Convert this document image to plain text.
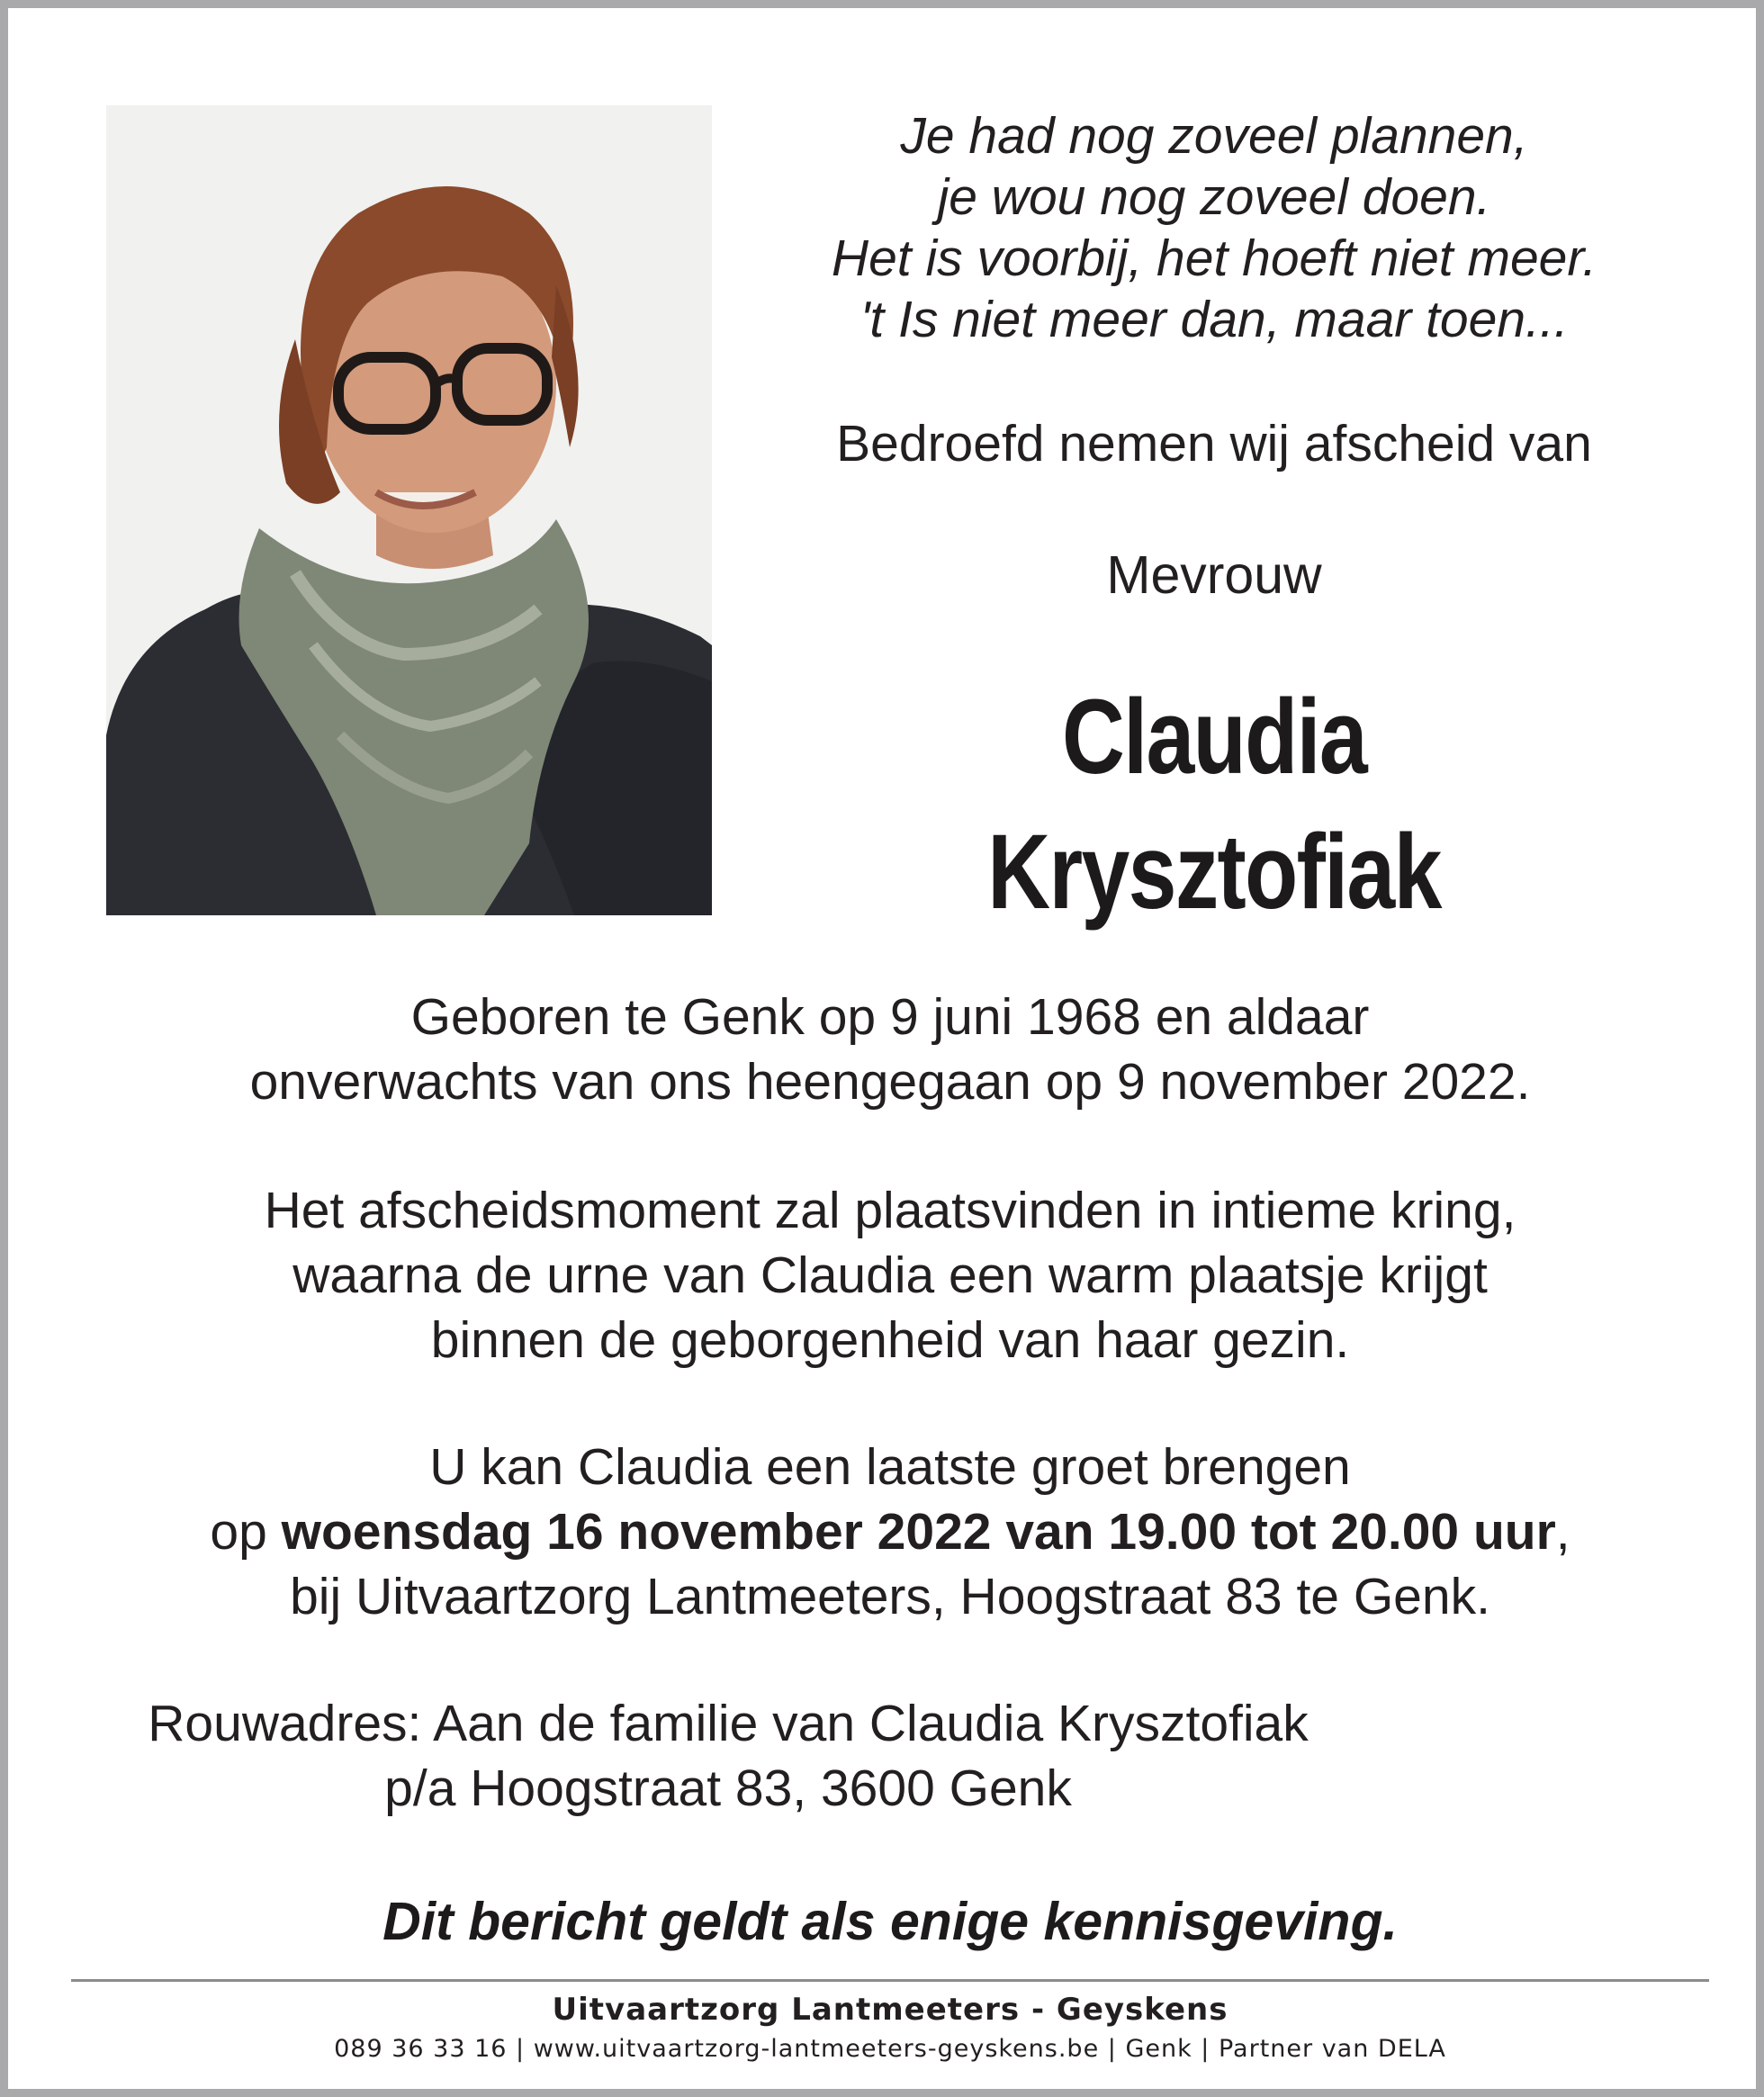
Je had nog zoveel plannen,
je wou nog zoveel doen.
Het is voorbij, het hoeft niet meer.
't Is niet meer dan, maar toen...
Bedroefd nemen wij afscheid van
Mevrouw
Claudia
Krysztofiak
Geboren te Genk op 9 juni 1968 en aldaar
onverwachts van ons heengegaan op 9 november 2022.
Het afscheidsmoment zal plaatsvinden in intieme kring,
waarna de urne van Claudia een warm plaatsje krijgt
binnen de geborgenheid van haar gezin.
U kan Claudia een laatste groet brengen
op woensdag 16 november 2022 van 19.00 tot 20.00 uur,
bij Uitvaartzorg Lantmeeters, Hoogstraat 83 te Genk.
Rouwadres: Aan de familie van Claudia Krysztofiak
p/a Hoogstraat 83, 3600 Genk
Dit bericht geldt als enige kennisgeving.
Uitvaartzorg Lantmeeters - Geyskens
089 36 33 16 | www.uitvaartzorg-lantmeeters-geyskens.be | Genk | Partner van DELA
